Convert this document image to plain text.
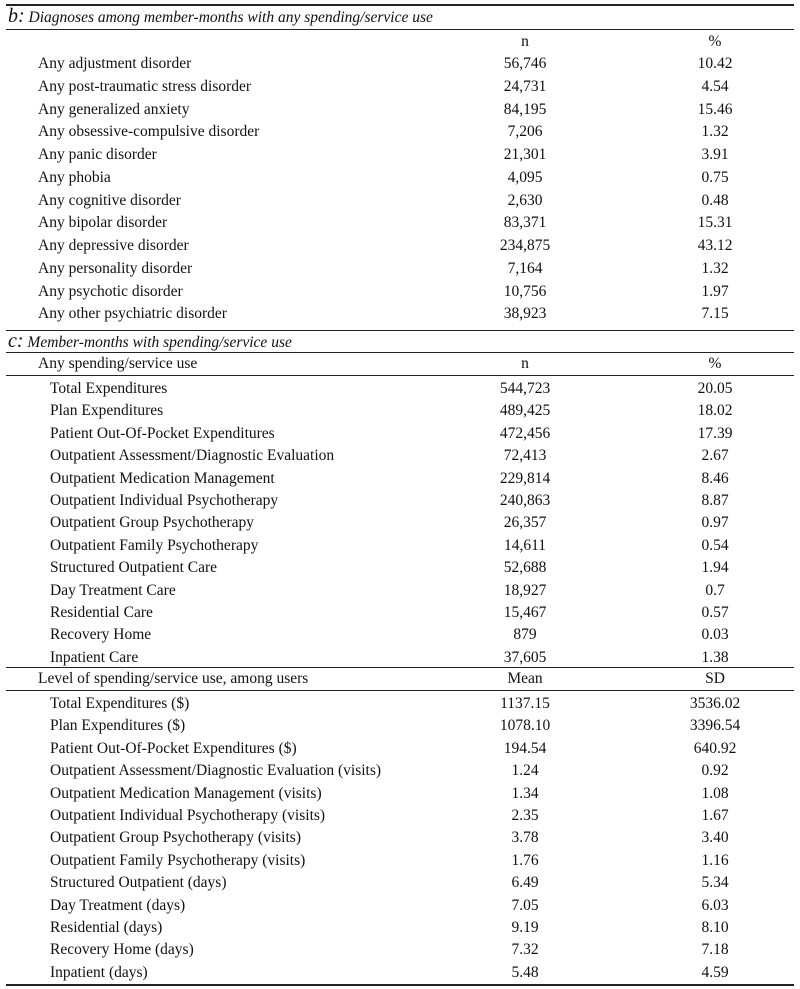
b: Diagnoses among member-months with any spending/service use
n	%
Any adjustment disorder	56,746	10.42
Any post-traumatic stress disorder	24,731	4.54
Any generalized anxiety	84,195	15.46
Any obsessive-compulsive disorder	7,206	1.32
Any panic disorder	21,301	3.91
Any phobia	4,095	0.75
Any cognitive disorder	2,630	0.48
Any bipolar disorder	83,371	15.31
Any depressive disorder	234,875	43.12
Any personality disorder	7,164	1.32
Any psychotic disorder	10,756	1.97
Any other psychiatric disorder	38,923	7.15
c: Member-months with spending/service use
Any spending/service use	n	%
Total Expenditures	544,723	20.05
Plan Expenditures	489,425	18.02
Patient Out-Of-Pocket Expenditures	472,456	17.39
Outpatient Assessment/Diagnostic Evaluation	72,413	2.67
Outpatient Medication Management	229,814	8.46
Outpatient Individual Psychotherapy	240,863	8.87
Outpatient Group Psychotherapy	26,357	0.97
Outpatient Family Psychotherapy	14,611	0.54
Structured Outpatient Care	52,688	1.94
Day Treatment Care	18,927	0.7
Residential Care	15,467	0.57
Recovery Home	879	0.03
Inpatient Care	37,605	1.38
Level of spending/service use, among users	Mean	SD
Total Expenditures ($)	1137.15	3536.02
Plan Expenditures ($)	1078.10	3396.54
Patient Out-Of-Pocket Expenditures ($)	194.54	640.92
Outpatient Assessment/Diagnostic Evaluation (visits)	1.24	0.92
Outpatient Medication Management (visits)	1.34	1.08
Outpatient Individual Psychotherapy (visits)	2.35	1.67
Outpatient Group Psychotherapy (visits)	3.78	3.40
Outpatient Family Psychotherapy (visits)	1.76	1.16
Structured Outpatient (days)	6.49	5.34
Day Treatment (days)	7.05	6.03
Residential (days)	9.19	8.10
Recovery Home (days)	7.32	7.18
Inpatient (days)	5.48	4.59
